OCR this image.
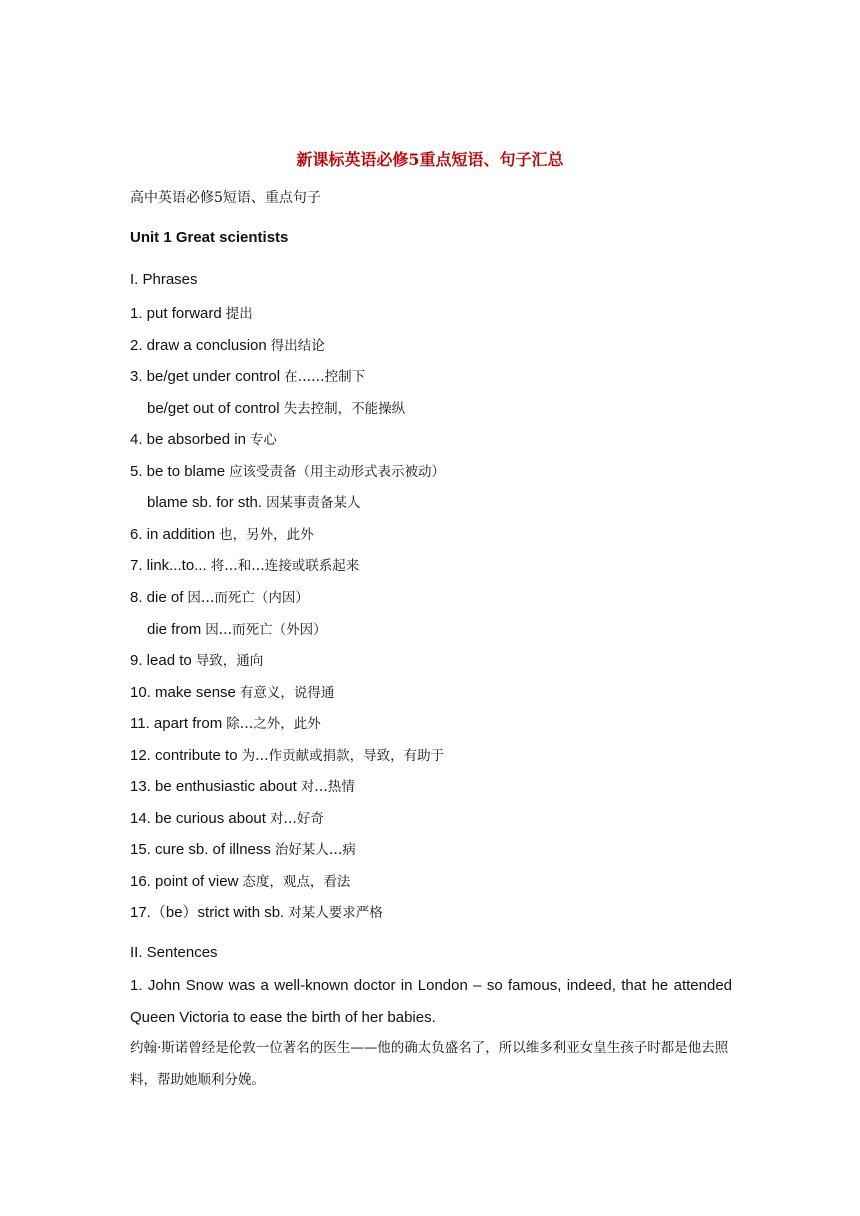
新课标英语必修5重点短语、句子汇总
高中英语必修5短语、重点句子
Unit 1 Great scientists
I. Phrases
1. put forward 提出
2. draw a conclusion 得出结论
3. be/get under control 在……控制下
be/get out of control 失去控制，不能操纵
4. be absorbed in 专心
5. be to blame 应该受责备（用主动形式表示被动）
blame sb. for sth. 因某事责备某人
6. in addition 也，另外，此外
7. link...to... 将…和…连接或联系起来
8. die of 因…而死亡（内因）
die from 因…而死亡（外因）
9. lead to 导致，通向
10. make sense 有意义，说得通
11. apart from 除…之外，此外
12. contribute to 为…作贡献或捐款，导致，有助于
13. be enthusiastic about 对…热情
14. be curious about 对…好奇
15. cure sb. of illness 治好某人…病
16. point of view 态度，观点，看法
17.（be）strict with sb. 对某人要求严格
II. Sentences
1. John Snow was a well-known doctor in London – so famous, indeed, that he attended Queen Victoria to ease the birth of her babies.
约翰·斯诺曾经是伦敦一位著名的医生——他的确太负盛名了，所以维多利亚女皇生孩子时都是他去照料，帮助她顺利分娩。
